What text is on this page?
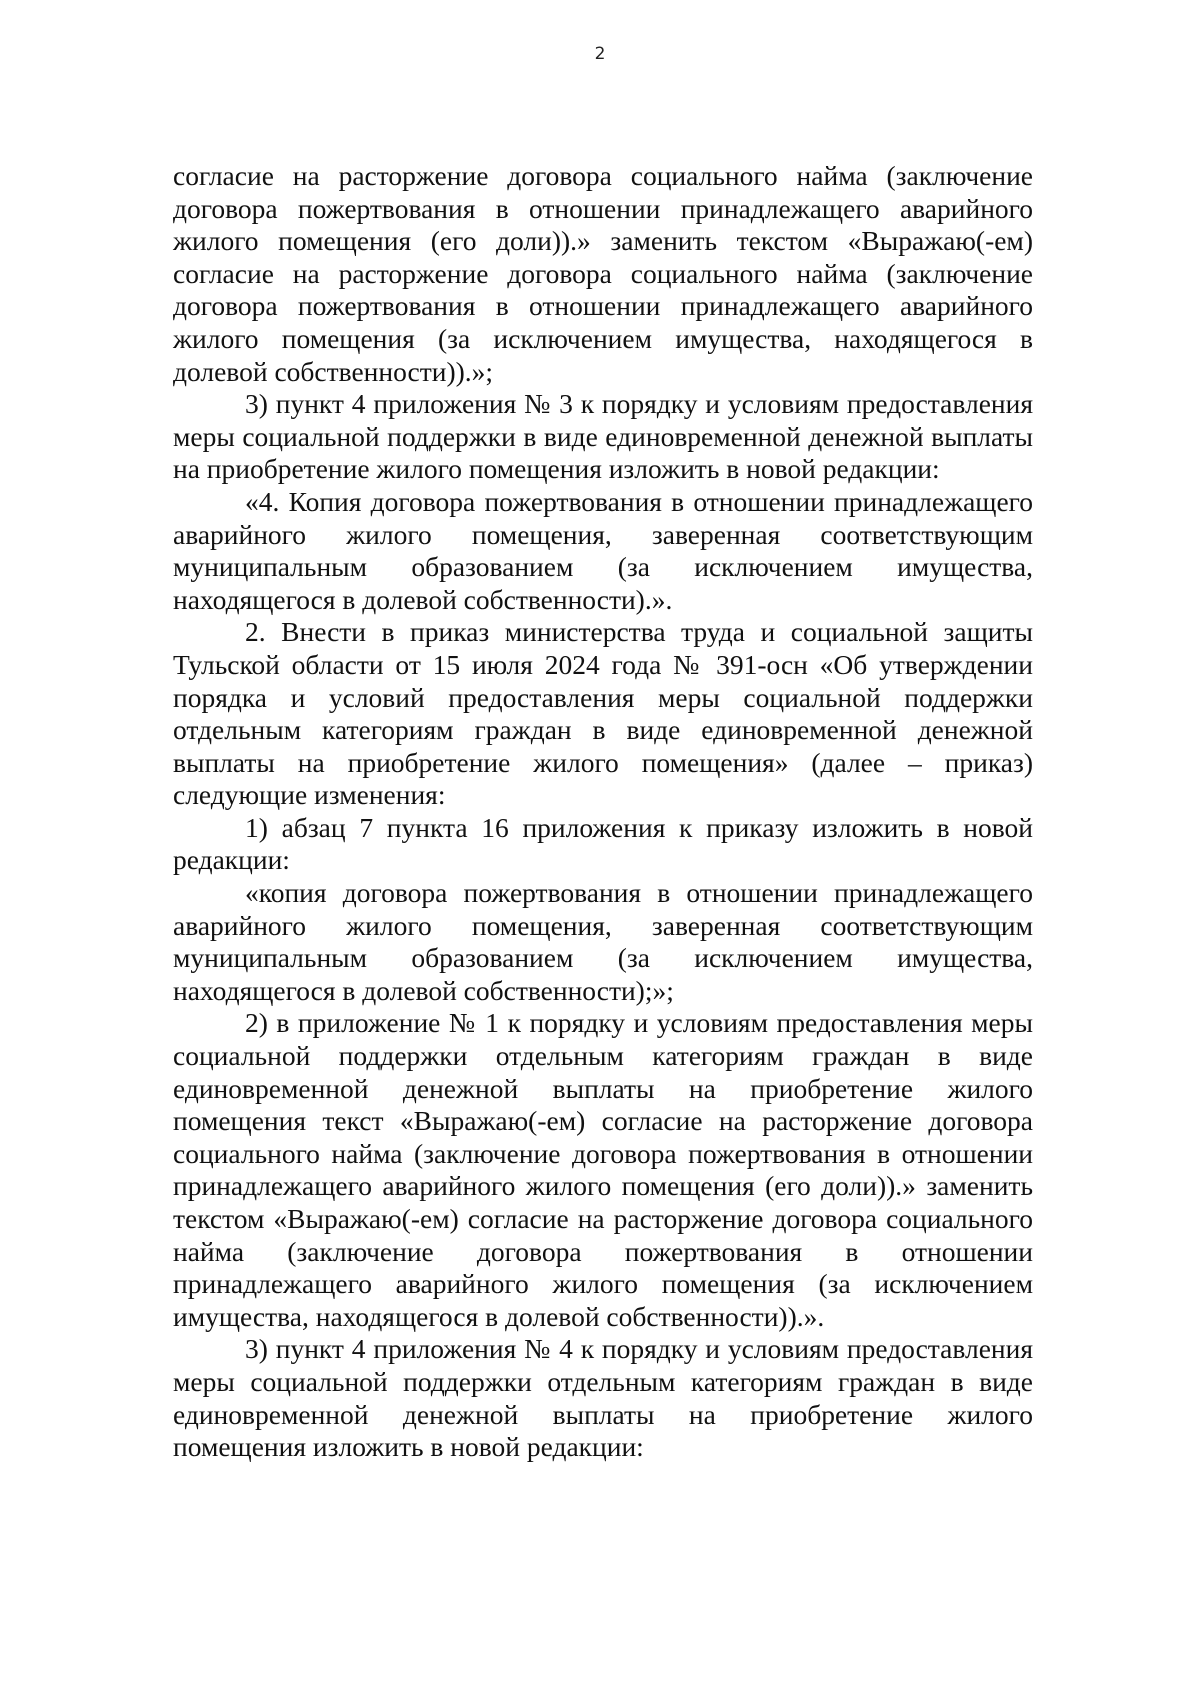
2

согласие на расторжение договора социального найма (заключение договора пожертвования в отношении принадлежащего аварийного жилого помещения (его доли)).» заменить текстом «Выражаю(-ем) согласие на расторжение договора социального найма (заключение договора пожертвования в отношении принадлежащего аварийного жилого помещения (за исключением имущества, находящегося в долевой собственности)).»;

3) пункт 4 приложения № 3 к порядку и условиям предоставления меры социальной поддержки в виде единовременной денежной выплаты на приобретение жилого помещения изложить в новой редакции:

«4. Копия договора пожертвования в отношении принадлежащего аварийного жилого помещения, заверенная соответствующим муниципальным образованием (за исключением имущества, находящегося в долевой собственности).».

2. Внести в приказ министерства труда и социальной защиты Тульской области от 15 июля 2024 года № 391-осн «Об утверждении порядка и условий предоставления меры социальной поддержки отдельным категориям граждан в виде единовременной денежной выплаты на приобретение жилого помещения» (далее – приказ) следующие изменения:

1) абзац 7 пункта 16 приложения к приказу изложить в новой редакции:

«копия договора пожертвования в отношении принадлежащего аварийного жилого помещения, заверенная соответствующим муниципальным образованием (за исключением имущества, находящегося в долевой собственности);»;

2) в приложение № 1 к порядку и условиям предоставления меры социальной поддержки отдельным категориям граждан в виде единовременной денежной выплаты на приобретение жилого помещения текст «Выражаю(-ем) согласие на расторжение договора социального найма (заключение договора пожертвования в отношении принадлежащего аварийного жилого помещения (его доли)).» заменить текстом «Выражаю(-ем) согласие на расторжение договора социального найма (заключение договора пожертвования в отношении принадлежащего аварийного жилого помещения (за исключением имущества, находящегося в долевой собственности)).».

3) пункт 4 приложения № 4 к порядку и условиям предоставления меры социальной поддержки отдельным категориям граждан в виде единовременной денежной выплаты на приобретение жилого помещения изложить в новой редакции:
